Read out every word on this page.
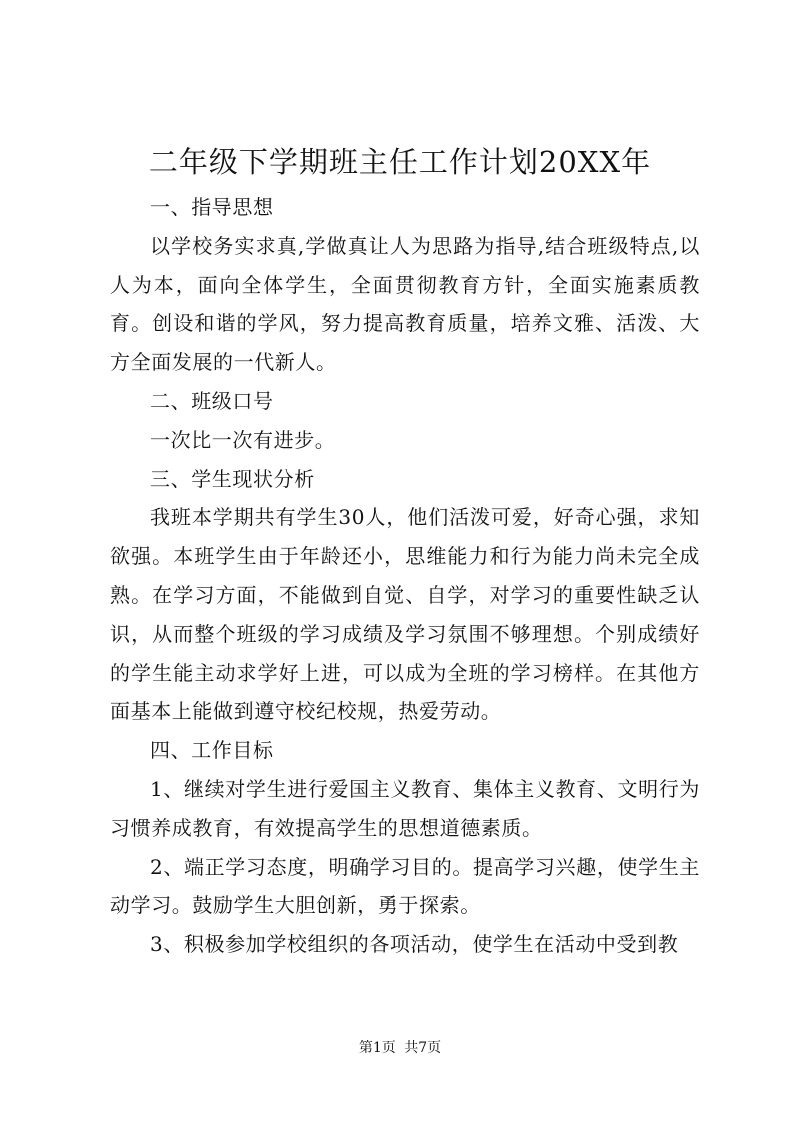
二年级下学期班主任工作计划20XX年

一、指导思想

以学校务实求真,学做真让人为思路为指导,结合班级特点,以人为本，面向全体学生，全面贯彻教育方针，全面实施素质教育。创设和谐的学风，努力提高教育质量，培养文雅、活泼、大方全面发展的一代新人。

二、班级口号

一次比一次有进步。

三、学生现状分析

我班本学期共有学生30人，他们活泼可爱，好奇心强，求知欲强。本班学生由于年龄还小，思维能力和行为能力尚未完全成熟。在学习方面，不能做到自觉、自学，对学习的重要性缺乏认识，从而整个班级的学习成绩及学习氛围不够理想。个别成绩好的学生能主动求学好上进，可以成为全班的学习榜样。在其他方面基本上能做到遵守校纪校规，热爱劳动。

四、工作目标

1、继续对学生进行爱国主义教育、集体主义教育、文明行为习惯养成教育，有效提高学生的思想道德素质。

2、端正学习态度，明确学习目的。提高学习兴趣，使学生主动学习。鼓励学生大胆创新，勇于探索。

3、积极参加学校组织的各项活动，使学生在活动中受到教

第1页 共7页
